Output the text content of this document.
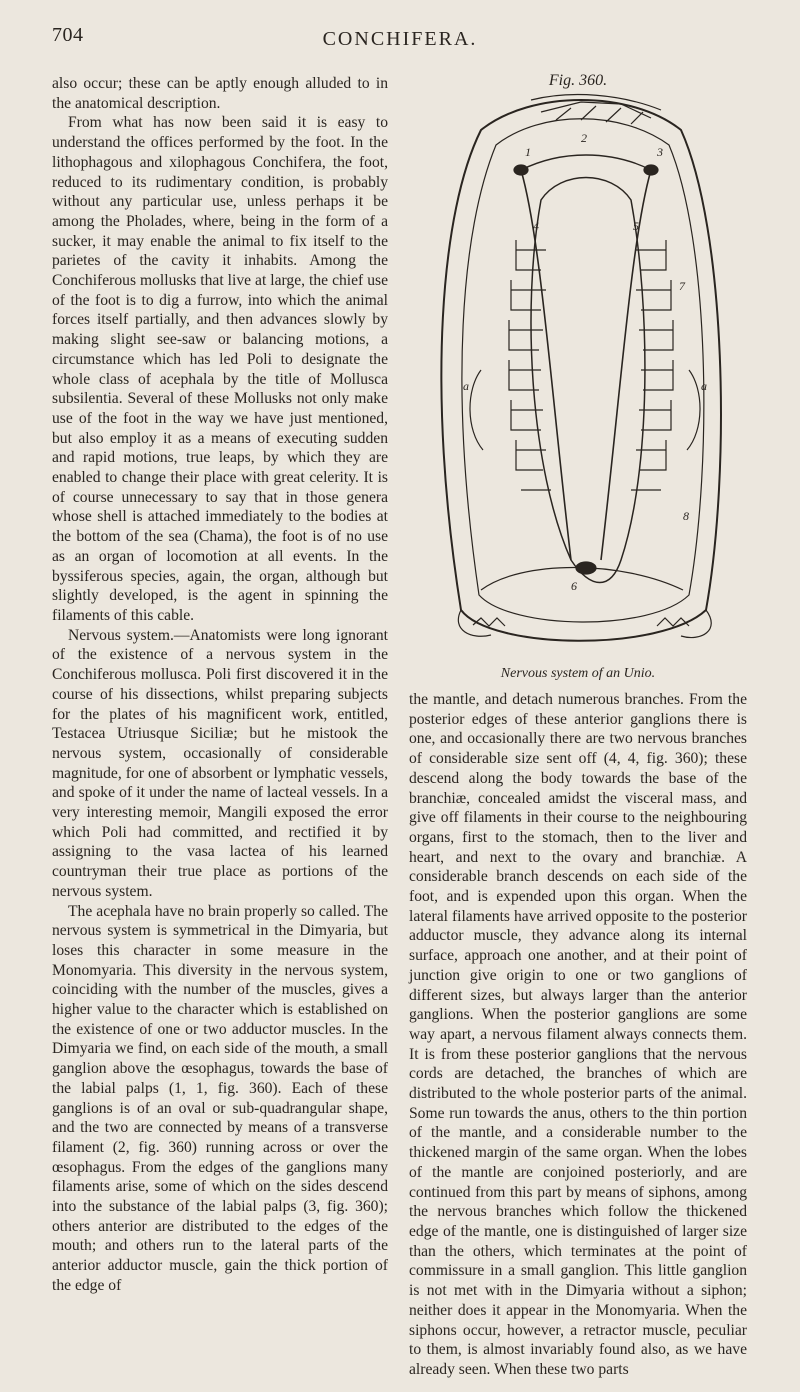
704	CONCHIFERA.

also occur; these can be aptly enough alluded to in the anatomical description.

From what has now been said it is easy to understand the offices performed by the foot. In the lithophagous and xilophagous Conchifera, the foot, reduced to its rudimentary condition, is probably without any particular use, unless perhaps it be among the Pholades, where, being in the form of a sucker, it may enable the animal to fix itself to the parietes of the cavity it inhabits. Among the Conchiferous mollusks that live at large, the chief use of the foot is to dig a furrow, into which the animal forces itself partially, and then advances slowly by making slight see-saw or balancing motions, a circumstance which has led Poli to designate the whole class of acephala by the title of Mollusca subsilentia. Several of these Mollusks not only make use of the foot in the way we have just mentioned, but also employ it as a means of executing sudden and rapid motions, true leaps, by which they are enabled to change their place with great celerity. It is of course unnecessary to say that in those genera whose shell is attached immediately to the bodies at the bottom of the sea (Chama), the foot is of no use as an organ of locomotion at all events. In the byssiferous species, again, the organ, although but slightly developed, is the agent in spinning the filaments of this cable.

Nervous system.—Anatomists were long ignorant of the existence of a nervous system in the Conchiferous mollusca. Poli first discovered it in the course of his dissections, whilst preparing subjects for the plates of his magnificent work, entitled, Testacea Utriusque Siciliæ; but he mistook the nervous system, occasionally of considerable magnitude, for one of absorbent or lymphatic vessels, and spoke of it under the name of lacteal vessels. In a very interesting memoir, Mangili exposed the error which Poli had committed, and rectified it by assigning to the vasa lactea of his learned countryman their true place as portions of the nervous system.

The acephala have no brain properly so called. The nervous system is symmetrical in the Dimyaria, but loses this character in some measure in the Monomyaria. This diversity in the nervous system, coinciding with the number of the muscles, gives a higher value to the character which is established on the existence of one or two adductor muscles. In the Dimyaria we find, on each side of the mouth, a small ganglion above the œsophagus, towards the base of the labial palps (1, 1, fig. 360). Each of these ganglions is of an oval or sub-quadrangular shape, and the two are connected by means of a transverse filament (2, fig. 360) running across or over the œsophagus. From the edges of the ganglions many filaments arise, some of which on the sides descend into the substance of the labial palps (3, fig. 360); others anterior are distributed to the edges of the mouth; and others run to the lateral parts of the anterior adductor muscle, gain the thick portion of the edge of

Fig. 360.
1
2
3
4	5
6
7
8
a	a
Nervous system of an Unio.

the mantle, and detach numerous branches. From the posterior edges of these anterior ganglions there is one, and occasionally there are two nervous branches of considerable size sent off (4, 4, fig. 360); these descend along the body towards the base of the branchiæ, concealed amidst the visceral mass, and give off filaments in their course to the neighbouring organs, first to the stomach, then to the liver and heart, and next to the ovary and branchiæ. A considerable branch descends on each side of the foot, and is expended upon this organ. When the lateral filaments have arrived opposite to the posterior adductor muscle, they advance along its internal surface, approach one another, and at their point of junction give origin to one or two ganglions of different sizes, but always larger than the anterior ganglions. When the posterior ganglions are some way apart, a nervous filament always connects them. It is from these posterior ganglions that the nervous cords are detached, the branches of which are distributed to the whole posterior parts of the animal. Some run towards the anus, others to the thin portion of the mantle, and a considerable number to the thickened margin of the same organ. When the lobes of the mantle are conjoined posteriorly, and are continued from this part by means of siphons, among the nervous branches which follow the thickened edge of the mantle, one is distinguished of larger size than the others, which terminates at the point of commissure in a small ganglion. This little ganglion is not met with in the Dimyaria without a siphon; neither does it appear in the Monomyaria. When the siphons occur, however, a retractor muscle, peculiar to them, is almost invariably found also, as we have already seen. When these two parts
